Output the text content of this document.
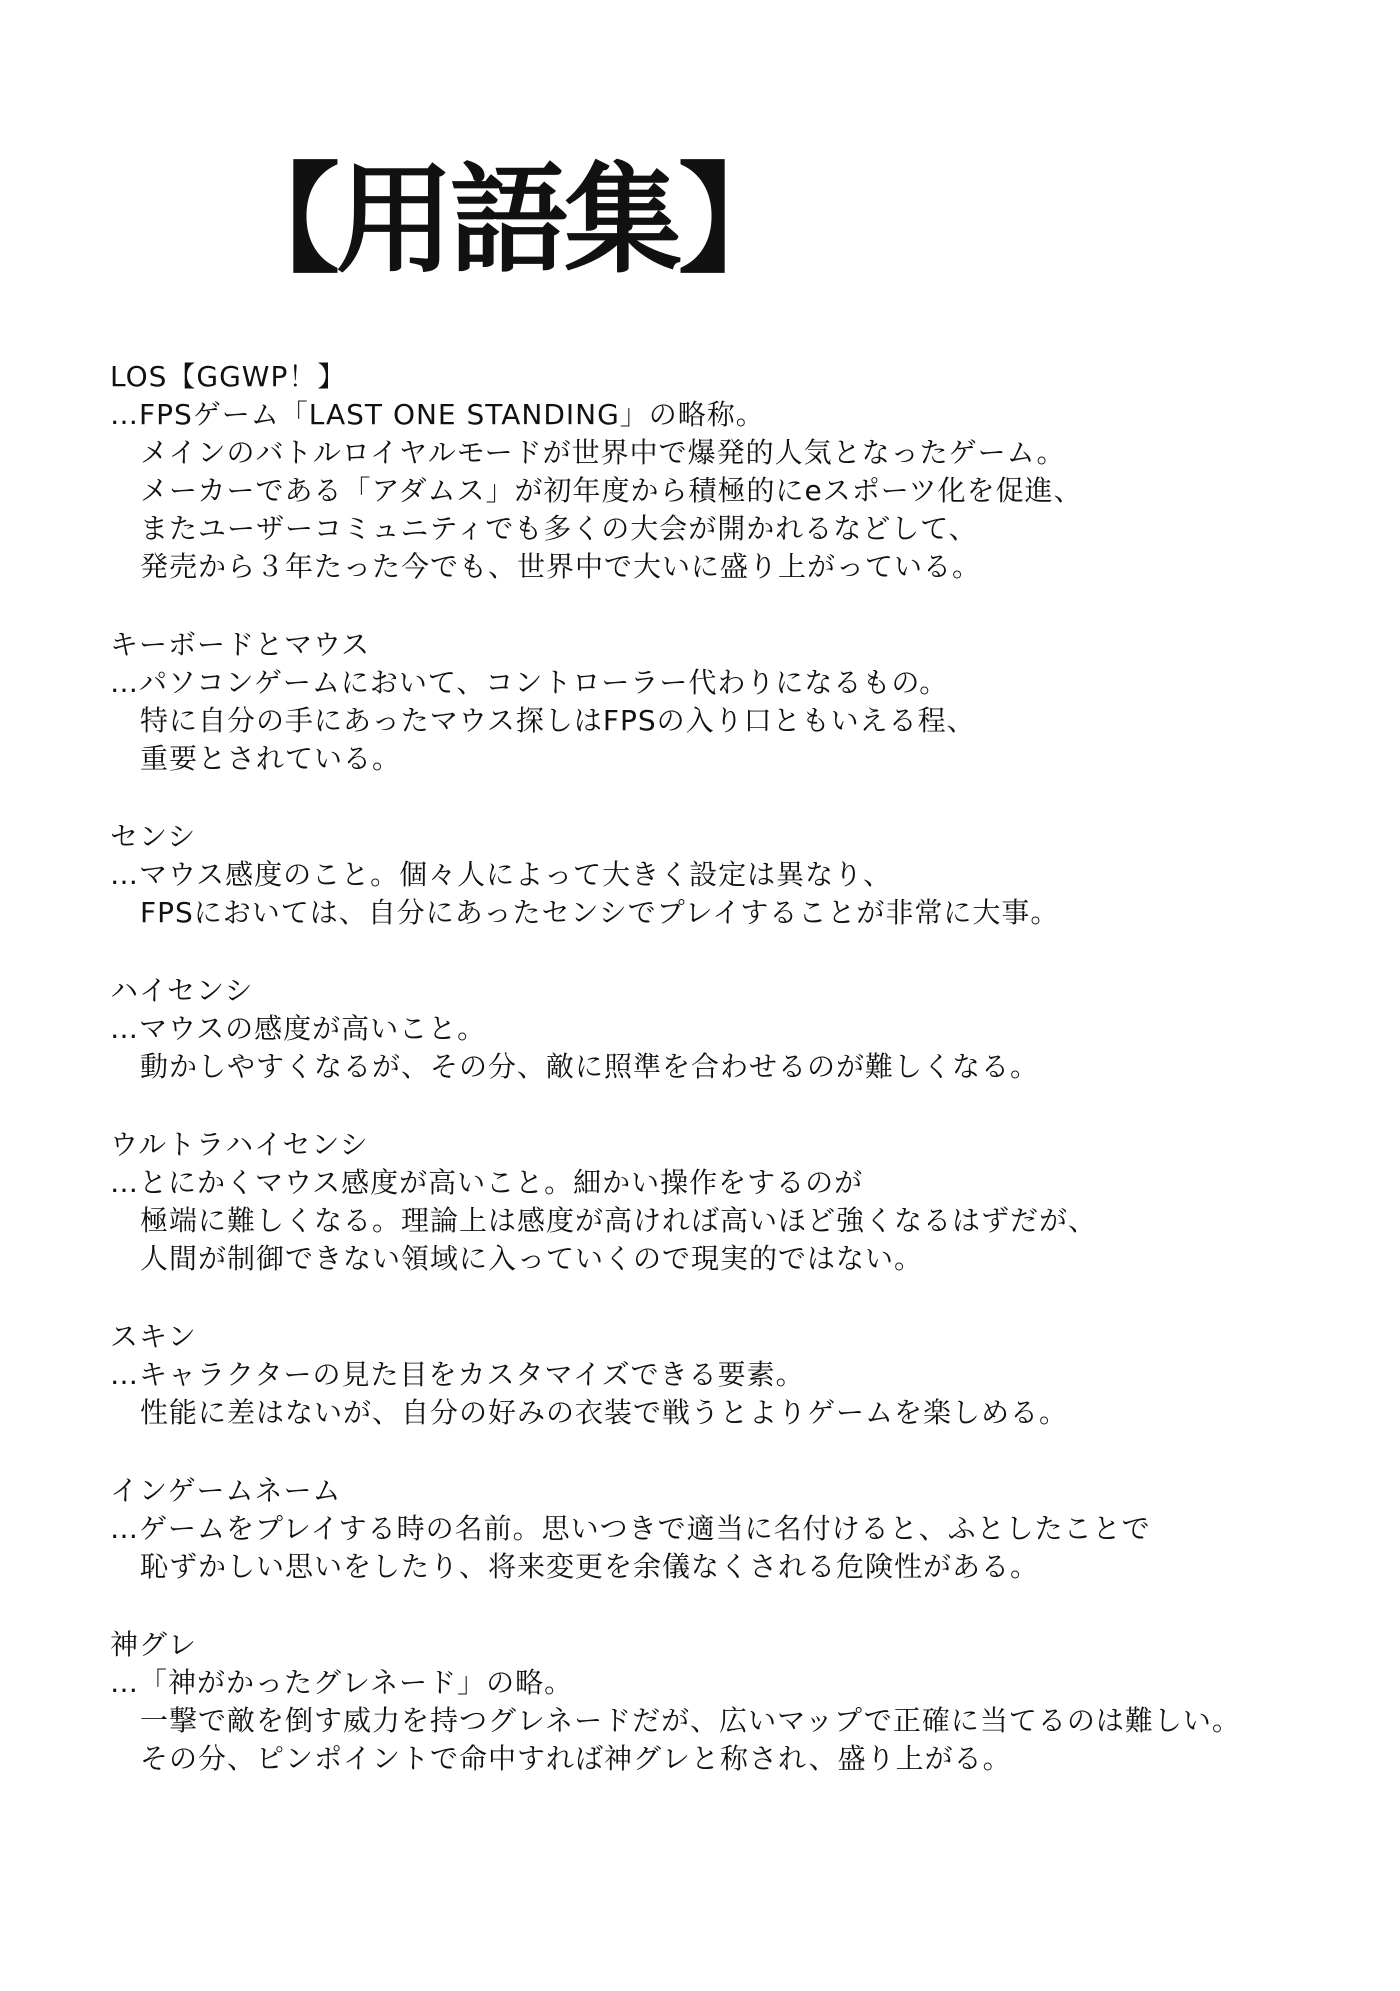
【用語集】
LOS【GGWP！】
…FPSゲーム「LAST ONE STANDING」の略称。
メインのバトルロイヤルモードが世界中で爆発的人気となったゲーム。
メーカーである「アダムス」が初年度から積極的にeスポーツ化を促進、
またユーザーコミュニティでも多くの大会が開かれるなどして、
発売から３年たった今でも、世界中で大いに盛り上がっている。
キーボードとマウス
…パソコンゲームにおいて、コントローラー代わりになるもの。
特に自分の手にあったマウス探しはFPSの入り口ともいえる程、
重要とされている。
センシ
…マウス感度のこと。個々人によって大きく設定は異なり、
FPSにおいては、自分にあったセンシでプレイすることが非常に大事。
ハイセンシ
…マウスの感度が高いこと。
動かしやすくなるが、その分、敵に照準を合わせるのが難しくなる。
ウルトラハイセンシ
…とにかくマウス感度が高いこと。細かい操作をするのが
極端に難しくなる。理論上は感度が高ければ高いほど強くなるはずだが、
人間が制御できない領域に入っていくので現実的ではない。
スキン
…キャラクターの見た目をカスタマイズできる要素。
性能に差はないが、自分の好みの衣装で戦うとよりゲームを楽しめる。
インゲームネーム
…ゲームをプレイする時の名前。思いつきで適当に名付けると、ふとしたことで
恥ずかしい思いをしたり、将来変更を余儀なくされる危険性がある。
神グレ
…「神がかったグレネード」の略。
一撃で敵を倒す威力を持つグレネードだが、広いマップで正確に当てるのは難しい。
その分、ピンポイントで命中すれば神グレと称され、盛り上がる。
